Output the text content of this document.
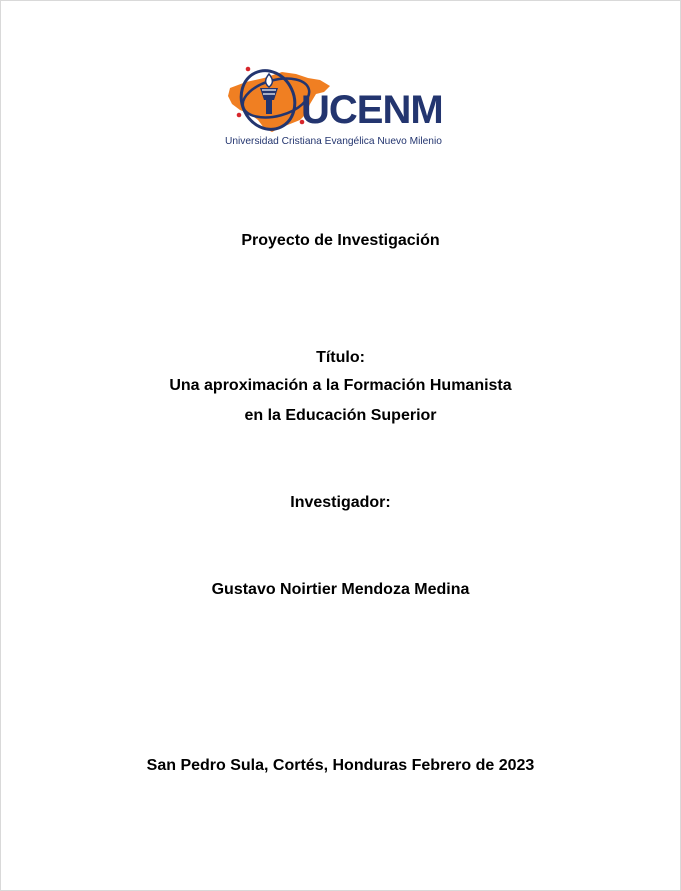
UCENM
Universidad Cristiana Evangélica Nuevo Milenio
Proyecto de Investigación
Título:
Una aproximación a la Formación Humanista
en la Educación Superior
Investigador:
Gustavo Noirtier Mendoza Medina
San Pedro Sula, Cortés, Honduras Febrero de 2023
